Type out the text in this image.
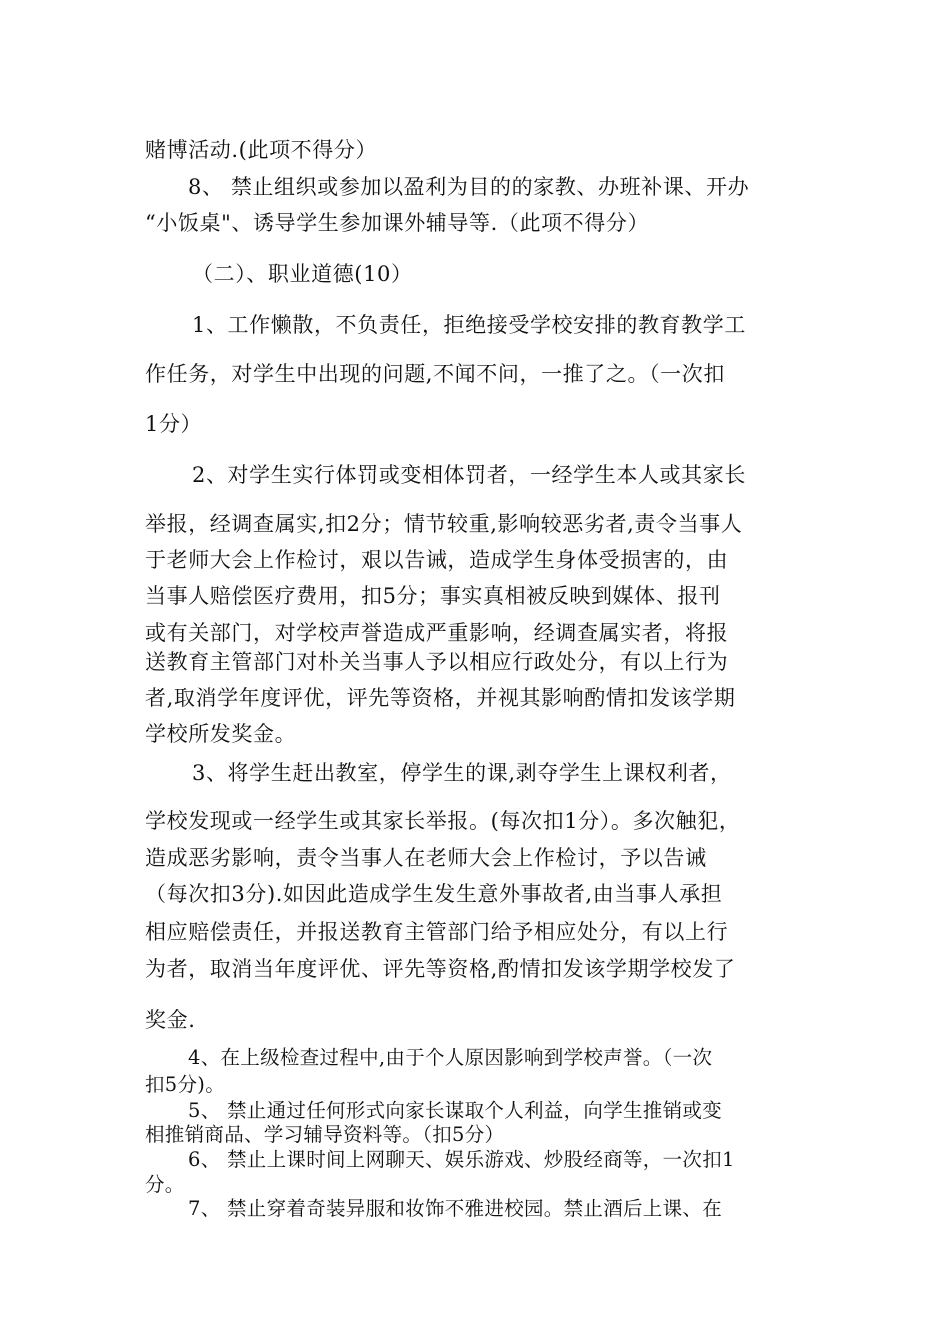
赌博活动.(此项不得分）
8、 禁止组织或参加以盈利为目的的家教、办班补课、开办
“小饭桌"、诱导学生参加课外辅导等.（此项不得分）
（二）、职业道德(10）
1、工作懒散，不负责任，拒绝接受学校安排的教育教学工
作任务，对学生中出现的问题,不闻不问，一推了之。（一次扣
1分）
2、对学生实行体罚或变相体罚者，一经学生本人或其家长
举报，经调查属实,扣2分；情节较重,影响较恶劣者,责令当事人
于老师大会上作检讨，艰以告诫，造成学生身体受损害的，由
当事人赔偿医疗费用，扣5分；事实真相被反映到媒体、报刊
或有关部门，对学校声誉造成严重影响，经调查属实者，将报
送教育主管部门对朴关当事人予以相应行政处分，有以上行为
者,取消学年度评优，评先等资格，并视其影响酌情扣发该学期
学校所发奖金。
3、将学生赶出教室，停学生的课,剥夺学生上课权利者，
学校发现或一经学生或其家长举报。(每次扣1分）。多次触犯，
造成恶劣影响，责令当事人在老师大会上作检讨，予以告诫
（每次扣3分).如因此造成学生发生意外事故者,由当事人承担
相应赔偿责任，并报送教育主管部门给予相应处分，有以上行
为者，取消当年度评优、评先等资格,酌情扣发该学期学校发了
奖金.
4、在上级检查过程中,由于个人原因影响到学校声誉。（一次
扣5分)。
5、 禁止通过任何形式向家长谋取个人利益，向学生推销或变
相推销商品、学习辅导资料等。（扣5分）
6、 禁止上课时间上网聊天、娱乐游戏、炒股经商等，一次扣1
分。
7、 禁止穿着奇装异服和妆饰不雅进校园。禁止酒后上课、在
